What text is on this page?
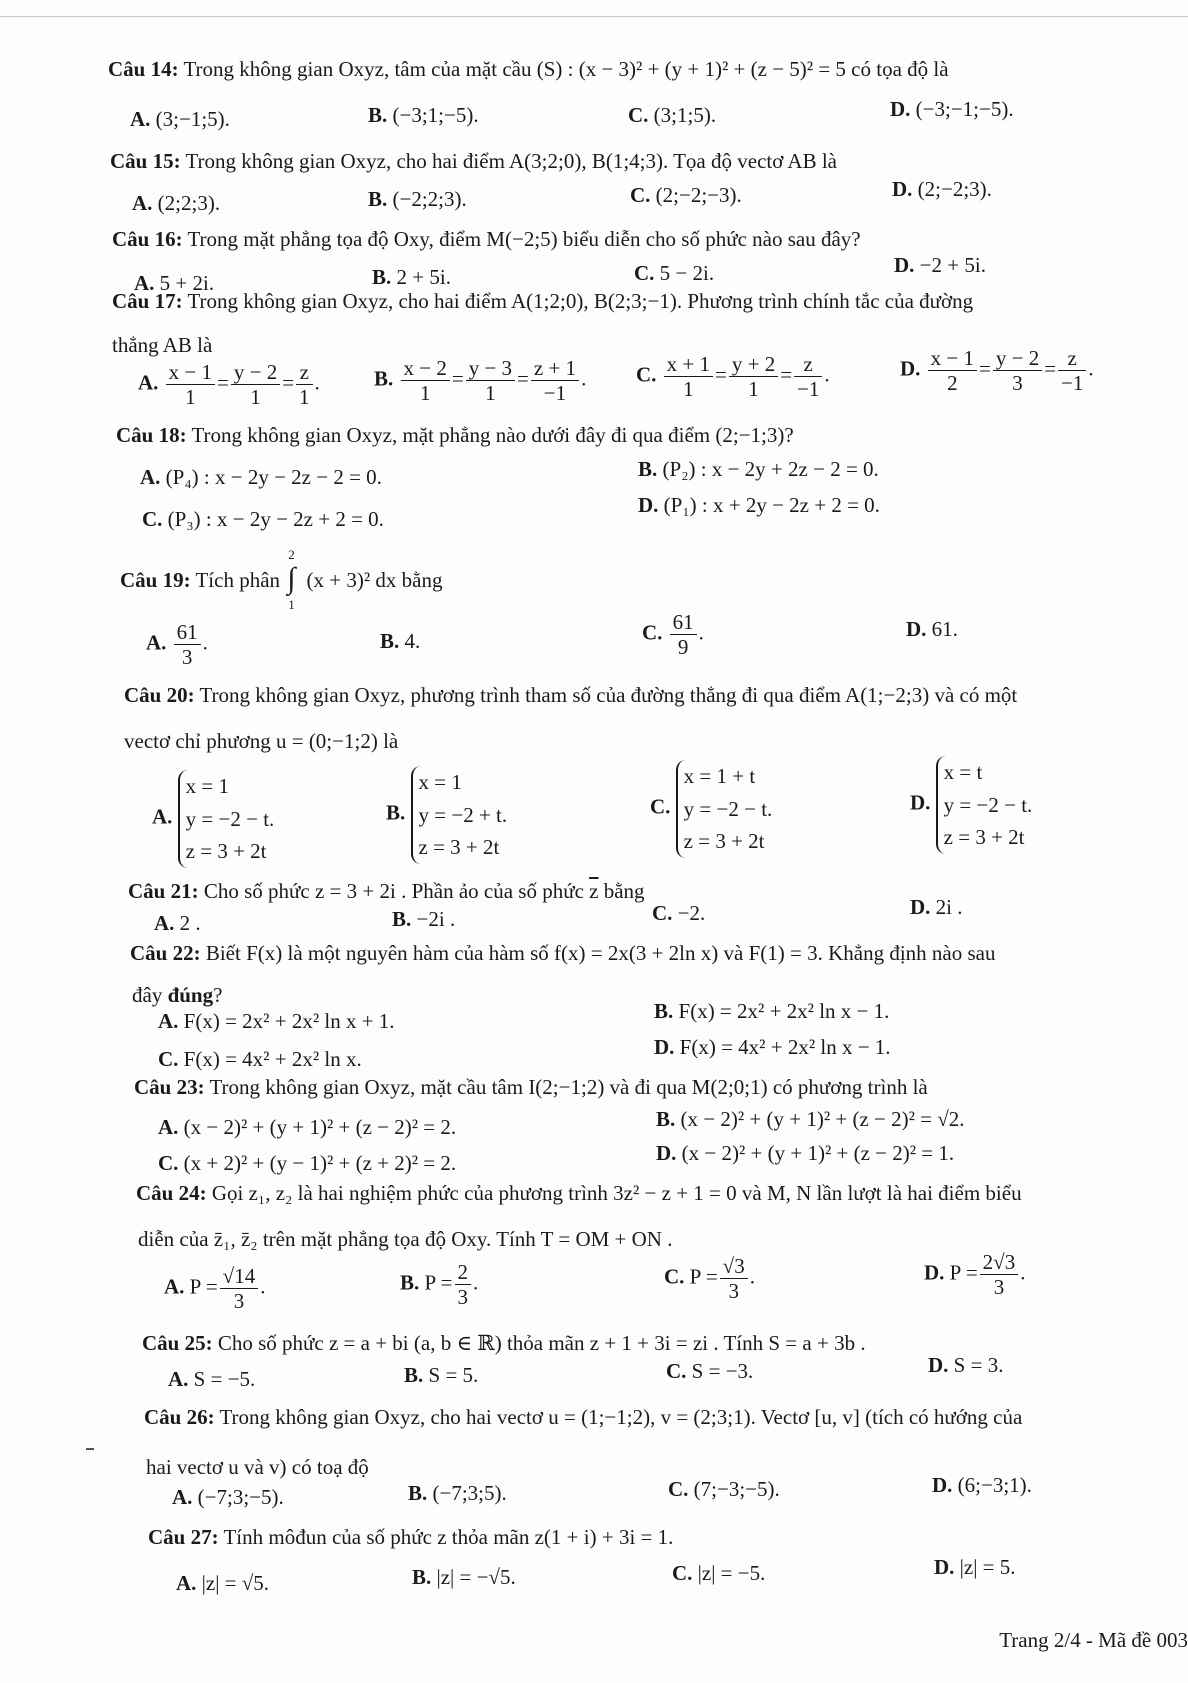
Câu 14: Trong không gian Oxyz, tâm của mặt cầu (S) : (x − 3)² + (y + 1)² + (z − 5)² = 5 có tọa độ là
A. (3;−1;5).	B. (−3;1;−5).	C. (3;1;5).	D. (−3;−1;−5).
Câu 15: Trong không gian Oxyz, cho hai điểm A(3;2;0), B(1;4;3). Tọa độ vectơ AB là
A. (2;2;3).	B. (−2;2;3).	C. (2;−2;−3).	D. (2;−2;3).
Câu 16: Trong mặt phẳng tọa độ Oxy, điểm M(−2;5) biểu diễn cho số phức nào sau đây?
A. 5 + 2i.	B. 2 + 5i.	C. 5 − 2i.	D. −2 + 5i.
Câu 17: Trong không gian Oxyz, cho hai điểm A(1;2;0), B(2;3;−1). Phương trình chính tắc của đường
thẳng AB là
A. $\frac{x - 1}{1} = \frac{y - 2}{1} = \frac{z}{1}$ .	B. $\frac{x - 2}{1} = \frac{y - 3}{1} = \frac{z + 1}{-1}$ . C. $\frac{x + 1}{1} = \frac{y + 2}{1} = \frac{z}{-1}$ .	D. $\frac{x - 1}{2} = \frac{y - 2}{3} = \frac{z}{-1}$ .
Câu 18: Trong không gian Oxyz, mặt phẳng nào dưới đây đi qua điểm (2;−1;3)?
A. (P₄) : x − 2y − 2z − 2 = 0.	B. (P₂) : x − 2y + 2z − 2 = 0.
C. (P₃) : x − 2y − 2z + 2 = 0.
D. (P₁) : x + 2y − 2z + 2 = 0.
Câu 19: Tích phân ∫
2
1
(x + 3)² dx bằng
A. $\frac{61}{3}$ .	B. 4.	C. $\frac{61}{9}$ .	D. 61.
Câu 20: Trong không gian Oxyz, phương trình tham số của đường thẳng đi qua điểm A(1;−2;3) và có một
vectơ chỉ phương u = (0;−1;2) là
A.
x = 1
y = −2 − t.
z = 3 + 2t
B.
x = 1
y = −2 + t.
z = 3 + 2t
C.
x = 1 + t
y = −2 − t.
z = 3 + 2t
D.
x = t
y = −2 − t.
z = 3 + 2t
Câu 21: Cho số phức z = 3 + 2i . Phần ảo của số phức $\overline{z}$ bằng
A. 2 .	B. −2i .	C. −2.	D. 2i .
Câu 22: Biết F(x) là một nguyên hàm của hàm số f(x) = 2x(3 + 2ln x) và F(1) = 3. Khẳng định nào sau
đây đúng?
A. F(x) = 2x² + 2x² ln x + 1.	B. F(x) = 2x² + 2x² ln x − 1.
C. F(x) = 4x² + 2x² ln x.	D. F(x) = 4x² + 2x² ln x − 1.
Câu 23: Trong không gian Oxyz, mặt cầu tâm I(2;−1;2) và đi qua M(2;0;1) có phương trình là
A. (x − 2)² + (y + 1)² + (z − 2)² = 2.	B. (x − 2)² + (y + 1)² + (z − 2)² = √2.
C. (x + 2)² + (y − 1)² + (z + 2)² = 2.	D. (x − 2)² + (y + 1)² + (z − 2)² = 1.
Câu 24: Gọi z₁, z₂ là hai nghiệm phức của phương trình 3z² − z + 1 = 0 và M, N lần lượt là hai điểm biểu
diễn của z̄₁, z̄₂ trên mặt phẳng tọa độ Oxy. Tính T = OM + ON .
A. $P = \frac{√14}{3}$ .	B. $P = \frac{2}{3}$ .	C. $P = \frac{√3}{3}$ .	D. $P = \frac{2√3}{3}$ .
Câu 25: Cho số phức z = a + bi (a, b ∈ ℝ) thỏa mãn z + 1 + 3i = zi . Tính S = a + 3b .
A. S = −5.	B. S = 5.	C. S = −3.	D. S = 3.
Câu 26: Trong không gian Oxyz, cho hai vectơ u = (1;−1;2), v = (2;3;1). Vectơ [u, v] (tích có hướng của
hai vectơ u và v) có toạ độ
A. (−7;3;−5).	B. (−7;3;5).	C. (7;−3;−5).	D. (6;−3;1).
Câu 27: Tính môđun của số phức z thỏa mãn z(1 + i) + 3i = 1.
A. |z| = √5.	B. |z| = −√5.	C. |z| = −5.	D. |z| = 5.
Trang 2/4 - Mã đề 003
